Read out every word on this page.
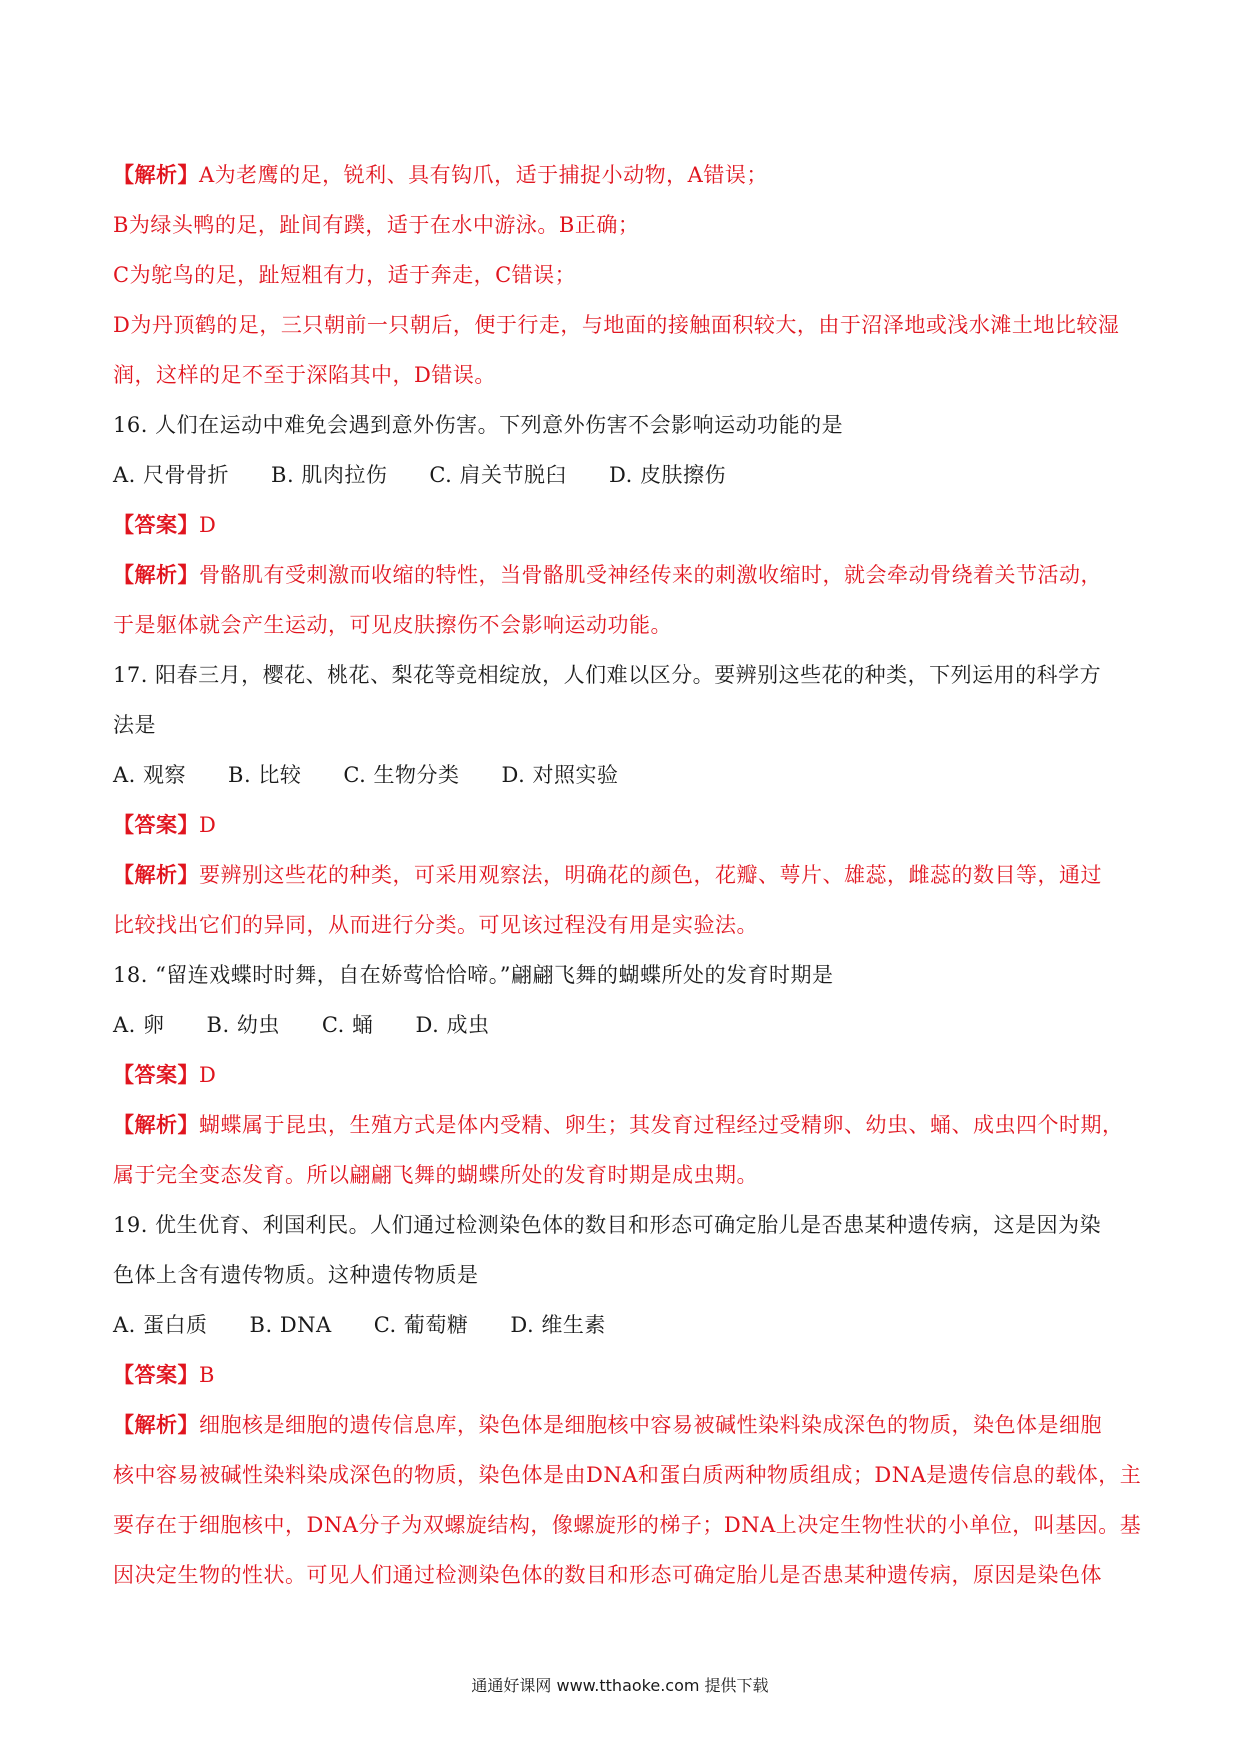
【解析】A为老鹰的足，锐利、具有钩爪，适于捕捉小动物，A错误；
B为绿头鸭的足，趾间有蹼，适于在水中游泳。B正确；
C为鸵鸟的足，趾短粗有力，适于奔走，C错误；
D为丹顶鹤的足，三只朝前一只朝后，便于行走，与地面的接触面积较大，由于沼泽地或浅水滩土地比较湿
润，这样的足不至于深陷其中，D错误。
16. 人们在运动中难免会遇到意外伤害。下列意外伤害不会影响运动功能的是
A. 尺骨骨折 B. 肌肉拉伤 C. 肩关节脱臼 D. 皮肤擦伤
【答案】D
【解析】骨骼肌有受刺激而收缩的特性，当骨骼肌受神经传来的刺激收缩时，就会牵动骨绕着关节活动，
于是躯体就会产生运动，可见皮肤擦伤不会影响运动功能。
17. 阳春三月，樱花、桃花、梨花等竞相绽放，人们难以区分。要辨别这些花的种类，下列运用的科学方
法是
A. 观察 B. 比较 C. 生物分类 D. 对照实验
【答案】D
【解析】要辨别这些花的种类，可采用观察法，明确花的颜色，花瓣、萼片、雄蕊，雌蕊的数目等，通过
比较找出它们的异同，从而进行分类。可见该过程没有用是实验法。
18. “留连戏蝶时时舞，自在娇莺恰恰啼。”翩翩飞舞的蝴蝶所处的发育时期是
A. 卵 B. 幼虫 C. 蛹 D. 成虫
【答案】D
【解析】蝴蝶属于昆虫，生殖方式是体内受精、卵生；其发育过程经过受精卵、幼虫、蛹、成虫四个时期，
属于完全变态发育。所以翩翩飞舞的蝴蝶所处的发育时期是成虫期。
19. 优生优育、利国利民。人们通过检测染色体的数目和形态可确定胎儿是否患某种遗传病，这是因为染
色体上含有遗传物质。这种遗传物质是
A. 蛋白质 B. DNA C. 葡萄糖 D. 维生素
【答案】B
【解析】细胞核是细胞的遗传信息库，染色体是细胞核中容易被碱性染料染成深色的物质，染色体是细胞
核中容易被碱性染料染成深色的物质，染色体是由DNA和蛋白质两种物质组成；DNA是遗传信息的载体，主
要存在于细胞核中，DNA分子为双螺旋结构，像螺旋形的梯子；DNA上决定生物性状的小单位，叫基因。基
因决定生物的性状。可见人们通过检测染色体的数目和形态可确定胎儿是否患某种遗传病，原因是染色体
通通好课网 www.tthaoke.com 提供下载
